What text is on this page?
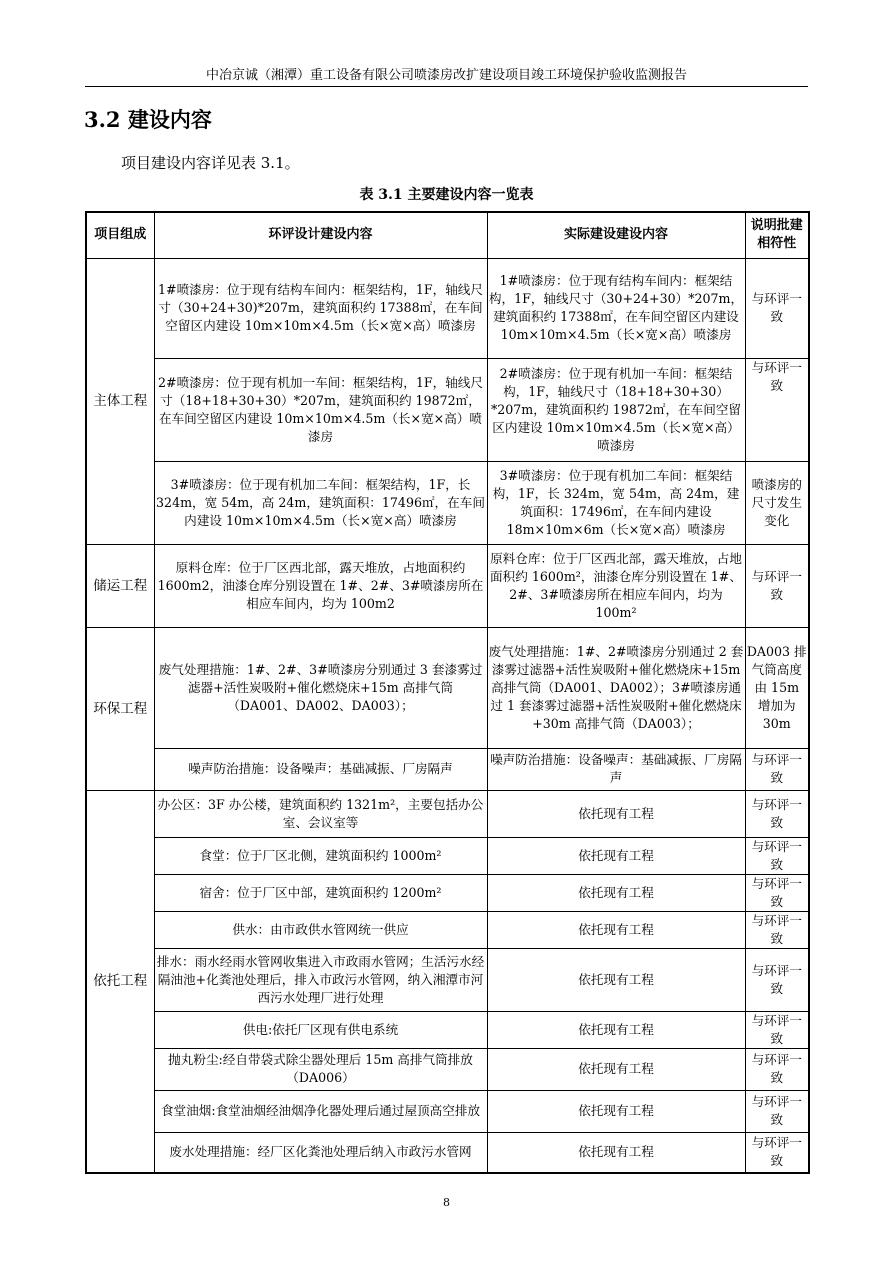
中冶京诚（湘潭）重工设备有限公司喷漆房改扩建设项目竣工环境保护验收监测报告
3.2 建设内容
项目建设内容详见表 3.1。
表 3.1 主要建设内容一览表
项目组成	环评设计建设内容	实际建设建设内容	说明批建相符性
主体工程	1#喷漆房：位于现有结构车间内：框架结构，1F，轴线尺寸（30+24+30)*207m，建筑面积约 17388㎡，在车间空留区内建设 10m×10m×4.5m（长×宽×高）喷漆房	1#喷漆房：位于现有结构车间内：框架结构，1F，轴线尺寸（30+24+30）*207m，建筑面积约 17388㎡，在车间空留区内建设 10m×10m×4.5m（长×宽×高）喷漆房	与环评一致
	2#喷漆房：位于现有机加一车间：框架结构，1F，轴线尺寸（18+18+30+30）*207m，建筑面积约 19872㎡，在车间空留区内建设 10m×10m×4.5m（长×宽×高）喷漆房	2#喷漆房：位于现有机加一车间：框架结构，1F，轴线尺寸（18+18+30+30）*207m，建筑面积约 19872㎡，在车间空留区内建设 10m×10m×4.5m（长×宽×高）喷漆房	与环评一致
	3#喷漆房：位于现有机加二车间：框架结构，1F，长 324m，宽 54m，高 24m，建筑面积：17496㎡，在车间内建设 10m×10m×4.5m（长×宽×高）喷漆房	3#喷漆房：位于现有机加二车间：框架结构，1F，长 324m，宽 54m，高 24m，建筑面积：17496㎡，在车间内建设 18m×10m×6m（长×宽×高）喷漆房	喷漆房的尺寸发生变化
储运工程	原料仓库：位于厂区西北部，露天堆放，占地面积约 1600m2，油漆仓库分别设置在 1#、2#、3#喷漆房所在相应车间内，均为 100m2	原料仓库：位于厂区西北部，露天堆放，占地面积约 1600m²，油漆仓库分别设置在 1#、2#、3#喷漆房所在相应车间内，均为 100m²	与环评一致
环保工程	废气处理措施：1#、2#、3#喷漆房分别通过 3 套漆雾过滤器+活性炭吸附+催化燃烧床+15m 高排气筒（DA001、DA002、DA003）；	废气处理措施：1#、2#喷漆房分别通过 2 套漆雾过滤器+活性炭吸附+催化燃烧床+15m 高排气筒（DA001、DA002）；3#喷漆房通过 1 套漆雾过滤器+活性炭吸附+催化燃烧床+30m 高排气筒（DA003）；	DA003 排气筒高度由 15m 增加为 30m
	噪声防治措施：设备噪声：基础减振、厂房隔声	噪声防治措施：设备噪声：基础减振、厂房隔声	与环评一致
依托工程	办公区：3F 办公楼，建筑面积约 1321m²，主要包括办公室、会议室等	依托现有工程	与环评一致
	食堂：位于厂区北侧，建筑面积约 1000m²	依托现有工程	与环评一致
	宿舍：位于厂区中部，建筑面积约 1200m²	依托现有工程	与环评一致
	供水：由市政供水管网统一供应	依托现有工程	与环评一致
	排水：雨水经雨水管网收集进入市政雨水管网；生活污水经隔油池+化粪池处理后，排入市政污水管网，纳入湘潭市河西污水处理厂进行处理	依托现有工程	与环评一致
	供电:依托厂区现有供电系统	依托现有工程	与环评一致
	抛丸粉尘:经自带袋式除尘器处理后 15m 高排气筒排放（DA006）	依托现有工程	与环评一致
	食堂油烟:食堂油烟经油烟净化器处理后通过屋顶高空排放	依托现有工程	与环评一致
	废水处理措施：经厂区化粪池处理后纳入市政污水管网	依托现有工程	与环评一致
8
